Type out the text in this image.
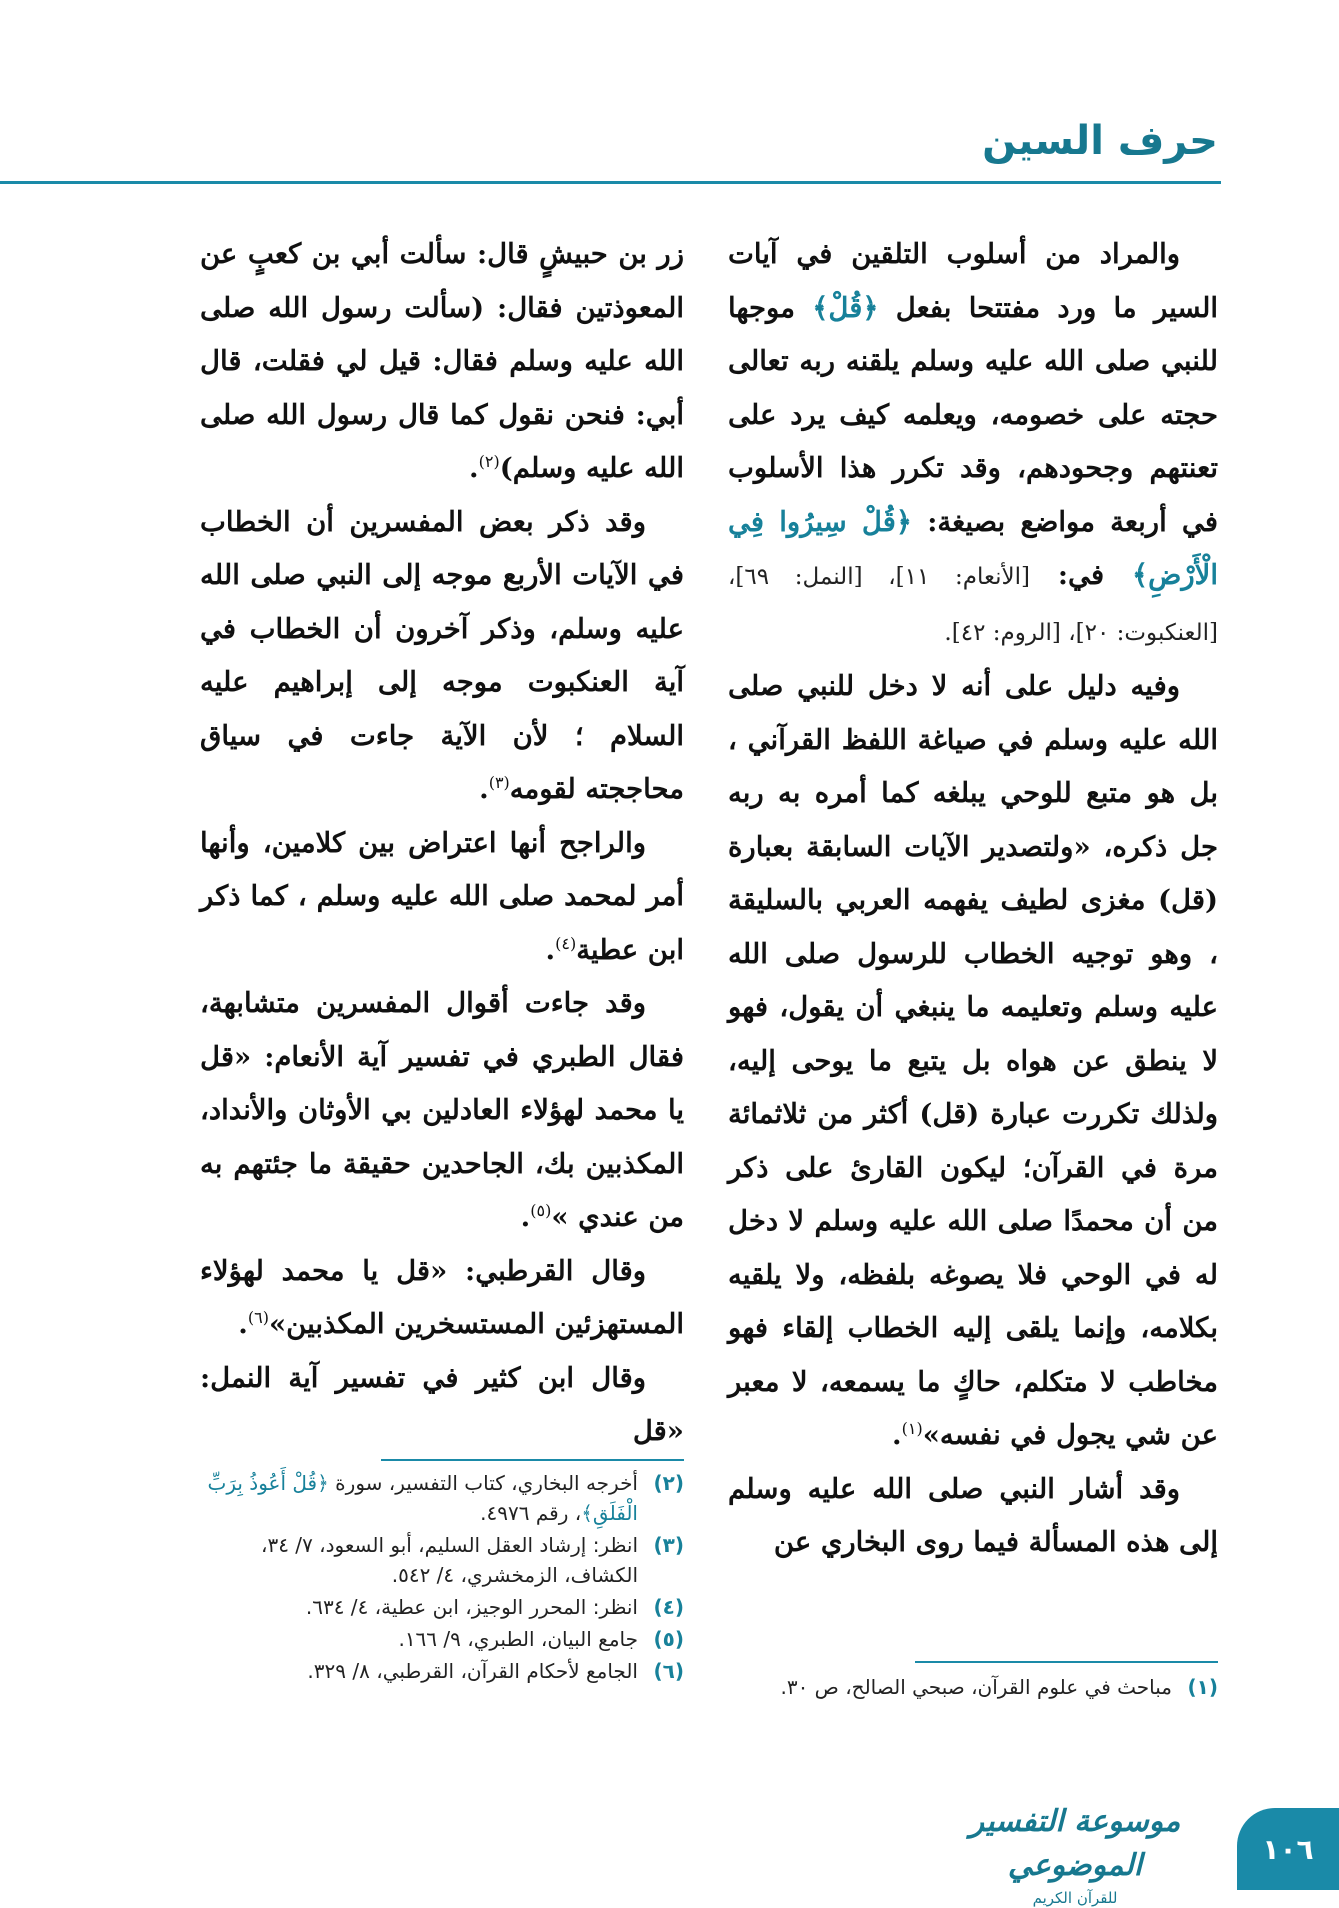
حرف السين

والمراد من أسلوب التلقين في آيات السير ما ورد مفتتحا بفعل ﴿قُلْ﴾ موجها للنبي صلى الله عليه وسلم يلقنه ربه تعالى حجته على خصومه، ويعلمه كيف يرد على تعنتهم وجحودهم، وقد تكرر هذا الأسلوب في أربعة مواضع بصيغة: ﴿قُلْ سِيرُوا فِي الْأَرْضِ﴾ في: [الأنعام: ١١]، [النمل: ٦٩]، [العنكبوت: ٢٠]، [الروم: ٤٢].

وفيه دليل على أنه لا دخل للنبي صلى الله عليه وسلم في صياغة اللفظ القرآني ، بل هو متبع للوحي يبلغه كما أمره به ربه جل ذكره، «ولتصدير الآيات السابقة بعبارة (قل) مغزى لطيف يفهمه العربي بالسليقة ، وهو توجيه الخطاب للرسول صلى الله عليه وسلم وتعليمه ما ينبغي أن يقول، فهو لا ينطق عن هواه بل يتبع ما يوحى إليه، ولذلك تكررت عبارة (قل) أكثر من ثلاثمائة مرة في القرآن؛ ليكون القارئ على ذكر من أن محمدًا صلى الله عليه وسلم لا دخل له في الوحي فلا يصوغه بلفظه، ولا يلقيه بكلامه، وإنما يلقى إليه الخطاب إلقاء فهو مخاطب لا متكلم، حاكٍ ما يسمعه، لا معبر عن شي يجول في نفسه»$^{(١)}$.

وقد أشار النبي صلى الله عليه وسلم إلى هذه المسألة فيما روى البخاري عن

زر بن حبيشٍ قال: سألت أبي بن كعبٍ عن المعوذتين فقال: (سألت رسول الله صلى الله عليه وسلم فقال: قيل لي فقلت، قال أبي: فنحن نقول كما قال رسول الله صلى الله عليه وسلم)$^{(٢)}$.

وقد ذكر بعض المفسرين أن الخطاب في الآيات الأربع موجه إلى النبي صلى الله عليه وسلم، وذكر آخرون أن الخطاب في آية العنكبوت موجه إلى إبراهيم عليه السلام ؛ لأن الآية جاءت في سياق محاججته لقومه$^{(٣)}$.

والراجح أنها اعتراض بين كلامين، وأنها أمر لمحمد صلى الله عليه وسلم ، كما ذكر ابن عطية$^{(٤)}$.

وقد جاءت أقوال المفسرين متشابهة، فقال الطبري في تفسير آية الأنعام: «قل يا محمد لهؤلاء العادلين بي الأوثان والأنداد، المكذبين بك، الجاحدين حقيقة ما جئتهم به من عندي »$^{(٥)}$.

وقال القرطبي: «قل يا محمد لهؤلاء المستهزئين المستسخرين المكذبين»$^{(٦)}$.

وقال ابن كثير في تفسير آية النمل: «قل

(١)
مباحث في علوم القرآن، صبحي الصالح، ص ٣٠.

(٢)
أخرجه البخاري، كتاب التفسير، سورة ﴿قُلْ أَعُوذُ بِرَبِّ الْفَلَقِ﴾، رقم ٤٩٧٦.

(٣)
انظر: إرشاد العقل السليم، أبو السعود، ٧/ ٣٤، الكشاف، الزمخشري، ٤/ ٥٤٢.

(٤)
انظر: المحرر الوجيز، ابن عطية، ٤/ ٦٣٤.

(٥)
جامع البيان، الطبري، ٩/ ١٦٦.

(٦)
الجامع لأحكام القرآن، القرطبي، ٨/ ٣٢٩.

موسوعة التفسير الموضوعي
للقرآن الكريم
١٠٦
